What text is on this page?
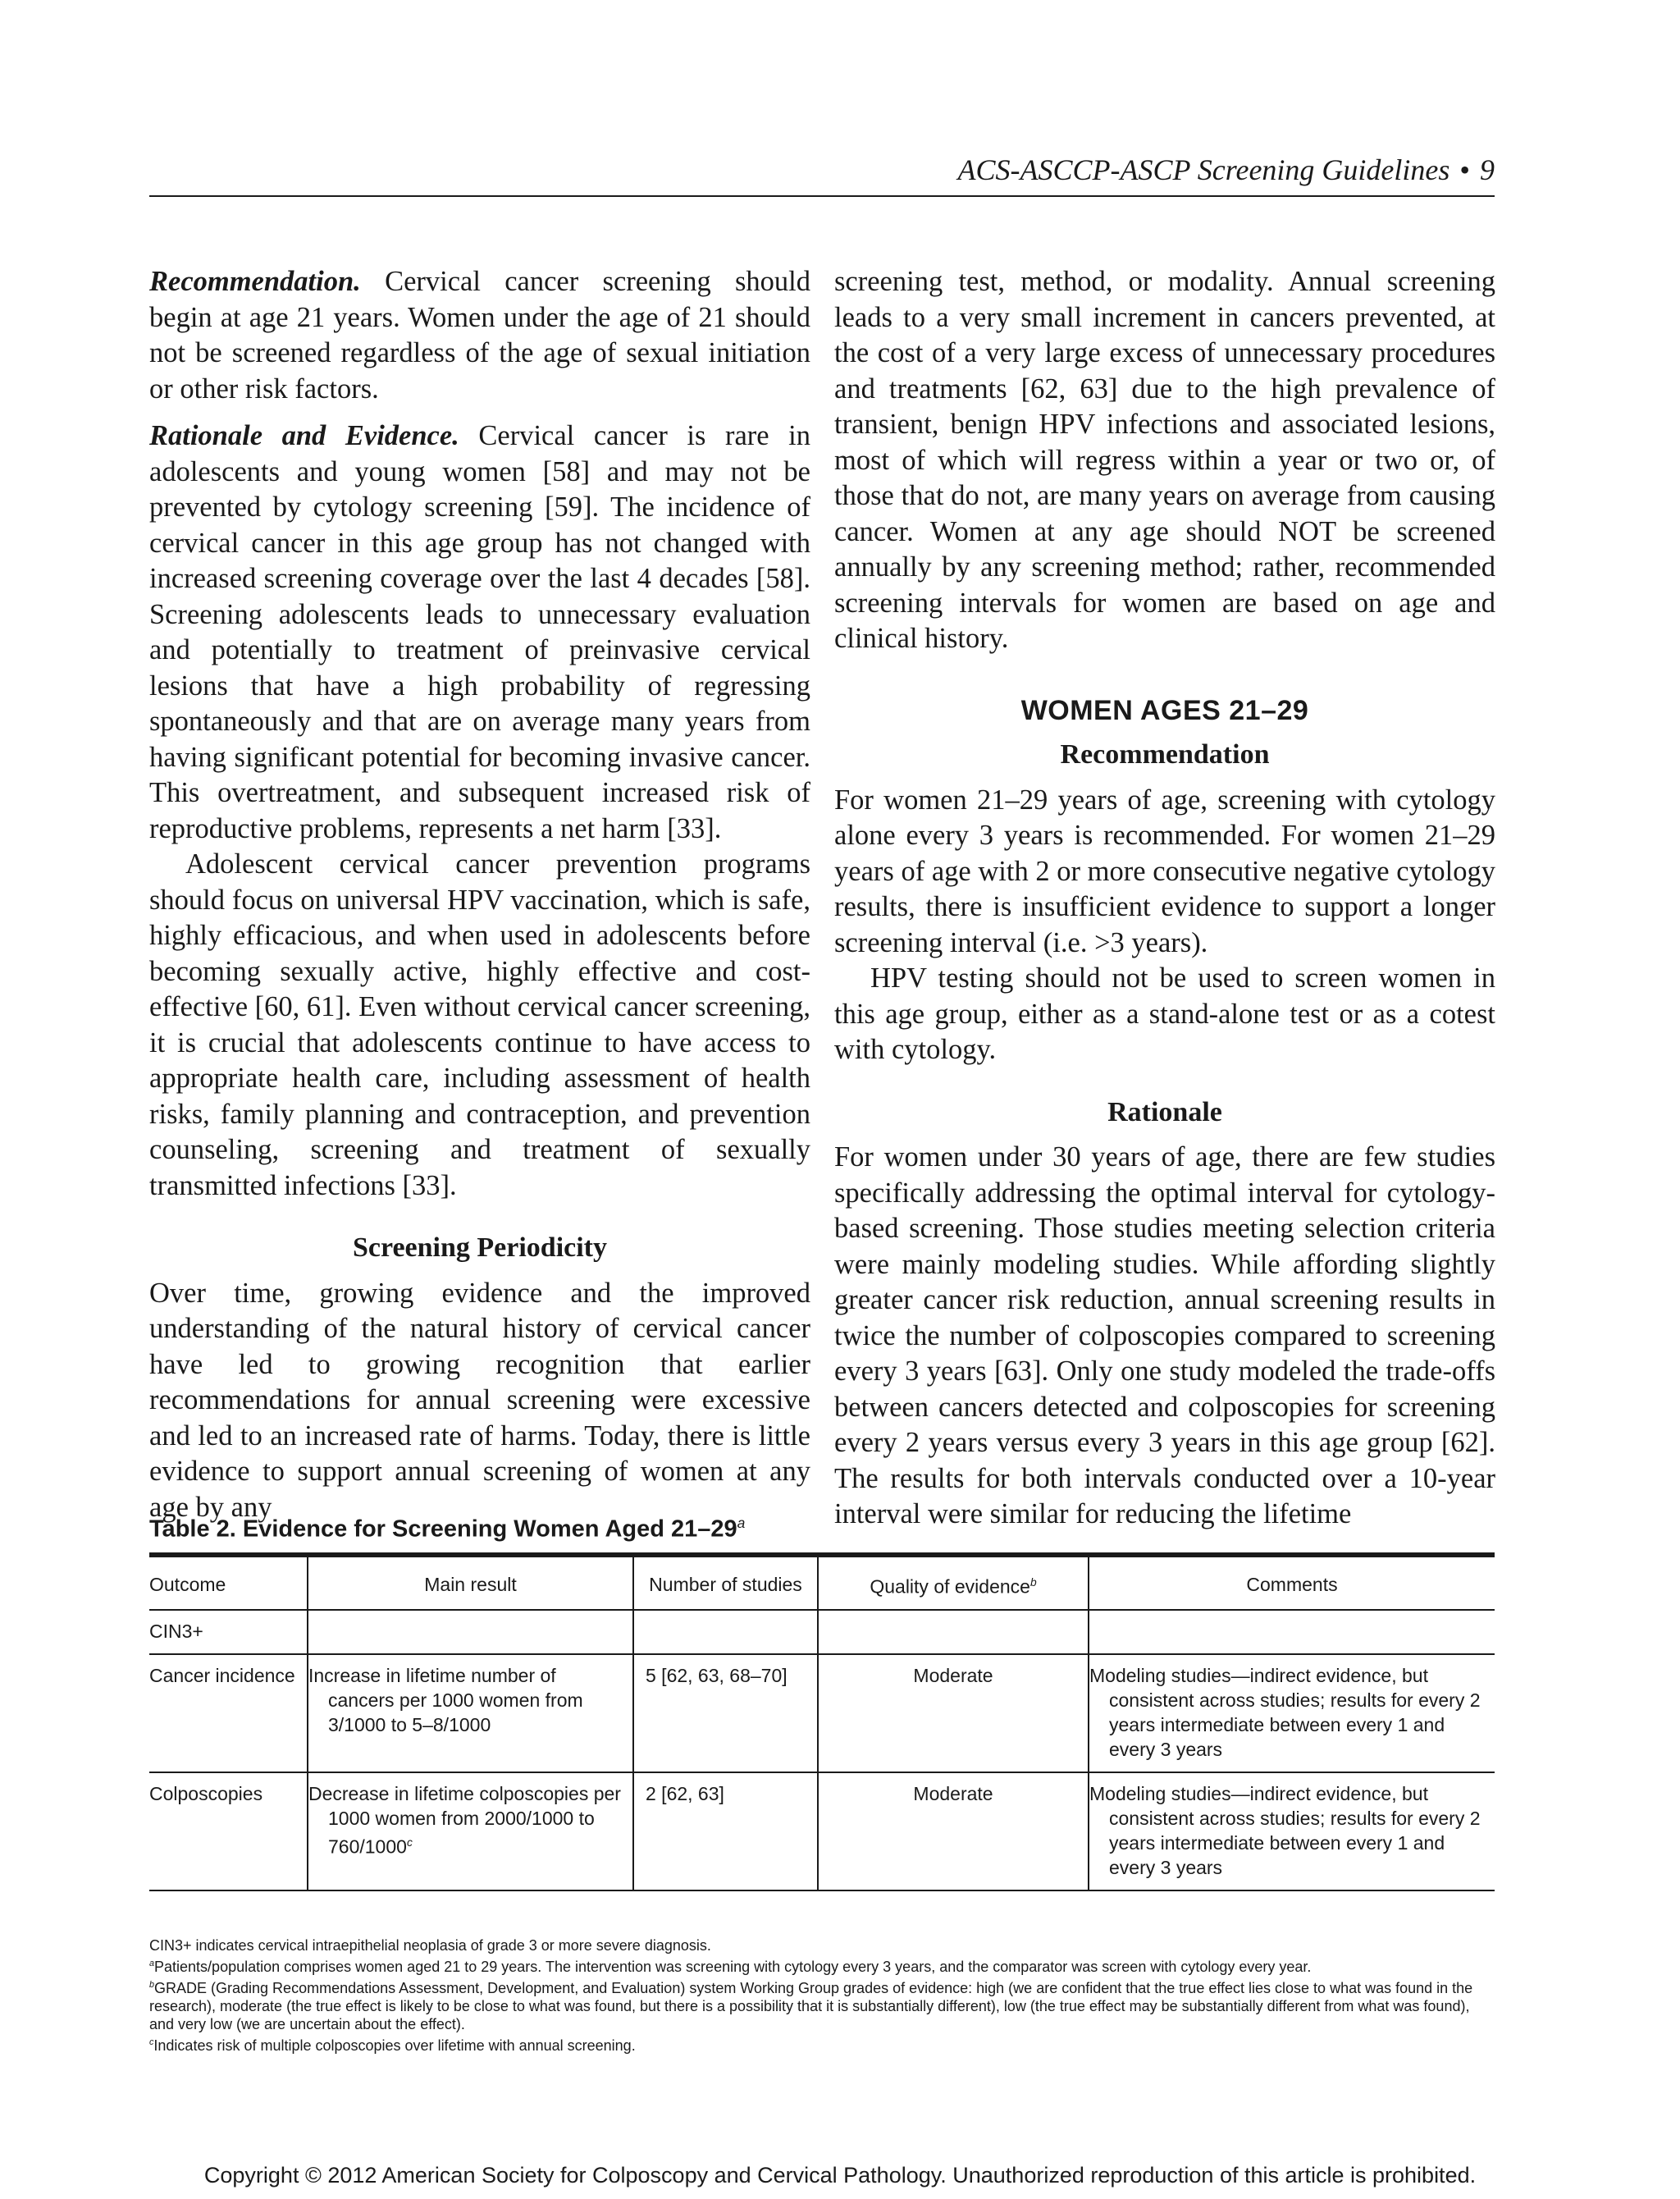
ACS-ASCCP-ASCP Screening Guidelines • 9

Recommendation. Cervical cancer screening should begin at age 21 years. Women under the age of 21 should not be screened regardless of the age of sexual initiation or other risk factors.

Rationale and Evidence. Cervical cancer is rare in adolescents and young women [58] and may not be prevented by cytology screening [59]. The incidence of cervical cancer in this age group has not changed with increased screening coverage over the last 4 decades [58]. Screening adolescents leads to unnecessary evaluation and potentially to treatment of preinvasive cervical lesions that have a high probability of regressing spontaneously and that are on average many years from having significant potential for becoming invasive cancer. This overtreatment, and subsequent increased risk of reproductive problems, represents a net harm [33].

Adolescent cervical cancer prevention programs should focus on universal HPV vaccination, which is safe, highly efficacious, and when used in adolescents before becoming sexually active, highly effective and cost-effective [60, 61]. Even without cervical cancer screening, it is crucial that adolescents continue to have access to appropriate health care, including assessment of health risks, family planning and contraception, and prevention counseling, screening and treatment of sexually transmitted infections [33].

Screening Periodicity

Over time, growing evidence and the improved understanding of the natural history of cervical cancer have led to growing recognition that earlier recommendations for annual screening were excessive and led to an increased rate of harms. Today, there is little evidence to support annual screening of women at any age by any

screening test, method, or modality. Annual screening leads to a very small increment in cancers prevented, at the cost of a very large excess of unnecessary procedures and treatments [62, 63] due to the high prevalence of transient, benign HPV infections and associated lesions, most of which will regress within a year or two or, of those that do not, are many years on average from causing cancer. Women at any age should NOT be screened annually by any screening method; rather, recommended screening intervals for women are based on age and clinical history.

WOMEN AGES 21–29
Recommendation

For women 21–29 years of age, screening with cytology alone every 3 years is recommended. For women 21–29 years of age with 2 or more consecutive negative cytology results, there is insufficient evidence to support a longer screening interval (i.e. >3 years).

HPV testing should not be used to screen women in this age group, either as a stand-alone test or as a cotest with cytology.

Rationale

For women under 30 years of age, there are few studies specifically addressing the optimal interval for cytology-based screening. Those studies meeting selection criteria were mainly modeling studies. While affording slightly greater cancer risk reduction, annual screening results in twice the number of colposcopies compared to screening every 3 years [63]. Only one study modeled the trade-offs between cancers detected and colposcopies for screening every 2 years versus every 3 years in this age group [62]. The results for both intervals conducted over a 10-year interval were similar for reducing the lifetime

Table 2. Evidence for Screening Women Aged 21–29$^a$
Outcome	Main result	Number of studies	Quality of evidence$^b$	Comments
CIN3+				
Cancer incidence	Increase in lifetime number of cancers per 1000 women from 3/1000 to 5–8/1000	5 [62, 63, 68–70]	Moderate	Modeling studies—indirect evidence, but consistent across studies; results for every 2 years intermediate between every 1 and every 3 years
Colposcopies	Decrease in lifetime colposcopies per 1000 women from 2000/1000 to 760/1000$^c$	2 [62, 63]	Moderate	Modeling studies—indirect evidence, but consistent across studies; results for every 2 years intermediate between every 1 and every 3 years

CIN3+ indicates cervical intraepithelial neoplasia of grade 3 or more severe diagnosis.

$^a$Patients/population comprises women aged 21 to 29 years. The intervention was screening with cytology every 3 years, and the comparator was screen with cytology every year.

$^b$GRADE (Grading Recommendations Assessment, Development, and Evaluation) system Working Group grades of evidence: high (we are confident that the true effect lies close to what was found in the research), moderate (the true effect is likely to be close to what was found, but there is a possibility that it is substantially different), low (the true effect may be substantially different from what was found), and very low (we are uncertain about the effect).

$^c$Indicates risk of multiple colposcopies over lifetime with annual screening.

Copyright © 2012 American Society for Colposcopy and Cervical Pathology. Unauthorized reproduction of this article is prohibited.
